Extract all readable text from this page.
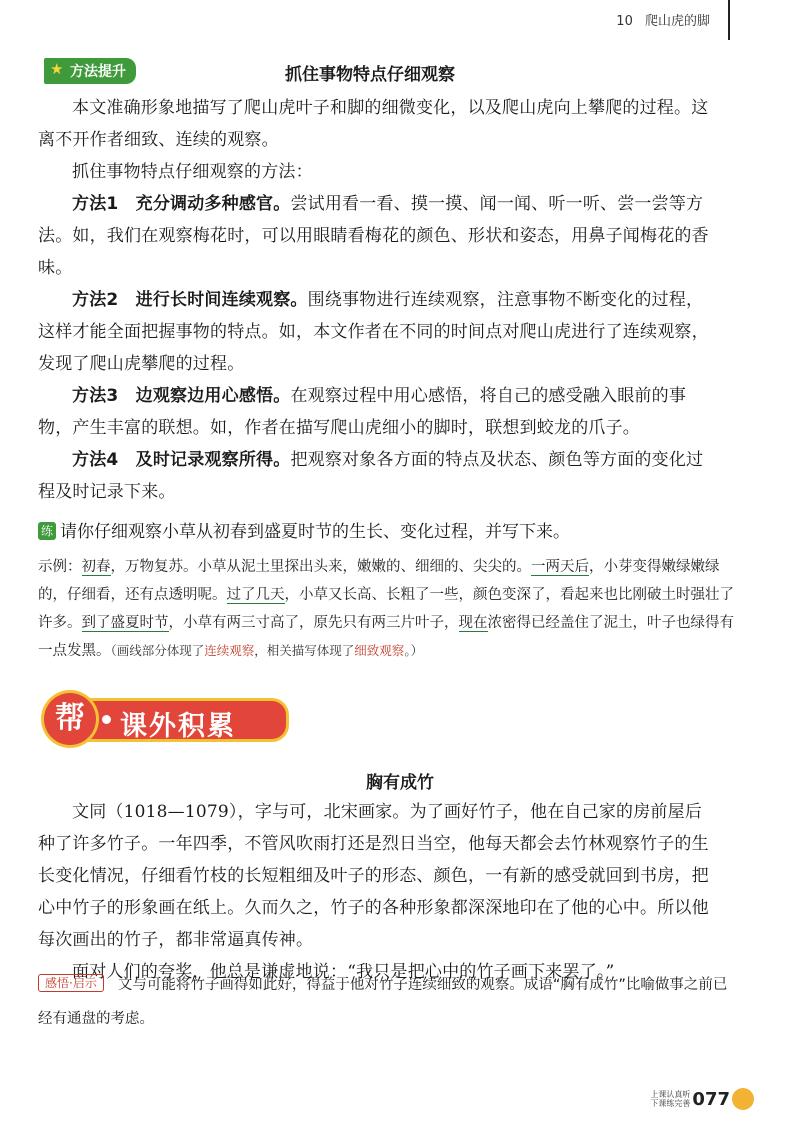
10 爬山虎的脚
★ 方法提升	抓住事物特点仔细观察

本文准确形象地描写了爬山虎叶子和脚的细微变化，以及爬山虎向上攀爬的过程。这离不开作者细致、连续的观察。

抓住事物特点仔细观察的方法：

方法1　充分调动多种感官。尝试用看一看、摸一摸、闻一闻、听一听、尝一尝等方法。如，我们在观察梅花时，可以用眼睛看梅花的颜色、形状和姿态，用鼻子闻梅花的香味。

方法2　进行长时间连续观察。围绕事物进行连续观察，注意事物不断变化的过程，这样才能全面把握事物的特点。如，本文作者在不同的时间点对爬山虎进行了连续观察，发现了爬山虎攀爬的过程。

方法3　边观察边用心感悟。在观察过程中用心感悟，将自己的感受融入眼前的事物，产生丰富的联想。如，作者在描写爬山虎细小的脚时，联想到蛟龙的爪子。

方法4　及时记录观察所得。把观察对象各方面的特点及状态、颜色等方面的变化过程及时记录下来。

练 请你仔细观察小草从初春到盛夏时节的生长、变化过程，并写下来。
示例：初春，万物复苏。小草从泥土里探出头来，嫩嫩的、细细的、尖尖的。一两天后，小芽变得嫩绿嫩绿的，仔细看，还有点透明呢。过了几天，小草又长高、长粗了一些，颜色变深了，看起来也比刚破土时强壮了许多。到了盛夏时节，小草有两三寸高了，原先只有两三片叶子，现在浓密得已经盖住了泥土，叶子也绿得有一点发黑。（画线部分体现了连续观察，相关描写体现了细致观察。）
帮	课外积累
胸有成竹

文同（1018—1079），字与可，北宋画家。为了画好竹子，他在自己家的房前屋后种了许多竹子。一年四季，不管风吹雨打还是烈日当空，他每天都会去竹林观察竹子的生长变化情况，仔细看竹枝的长短粗细及叶子的形态、颜色，一有新的感受就回到书房，把心中竹子的形象画在纸上。久而久之，竹子的各种形象都深深地印在了他的心中。所以他每次画出的竹子，都非常逼真传神。

面对人们的夸奖，他总是谦虚地说：“我只是把心中的竹子画下来罢了。”

感悟·启示 文与可能将竹子画得如此好，得益于他对竹子连续细致的观察。成语“胸有成竹”比喻做事之前已经有通盘的考虑。
上课认真听
下课练完善 077
